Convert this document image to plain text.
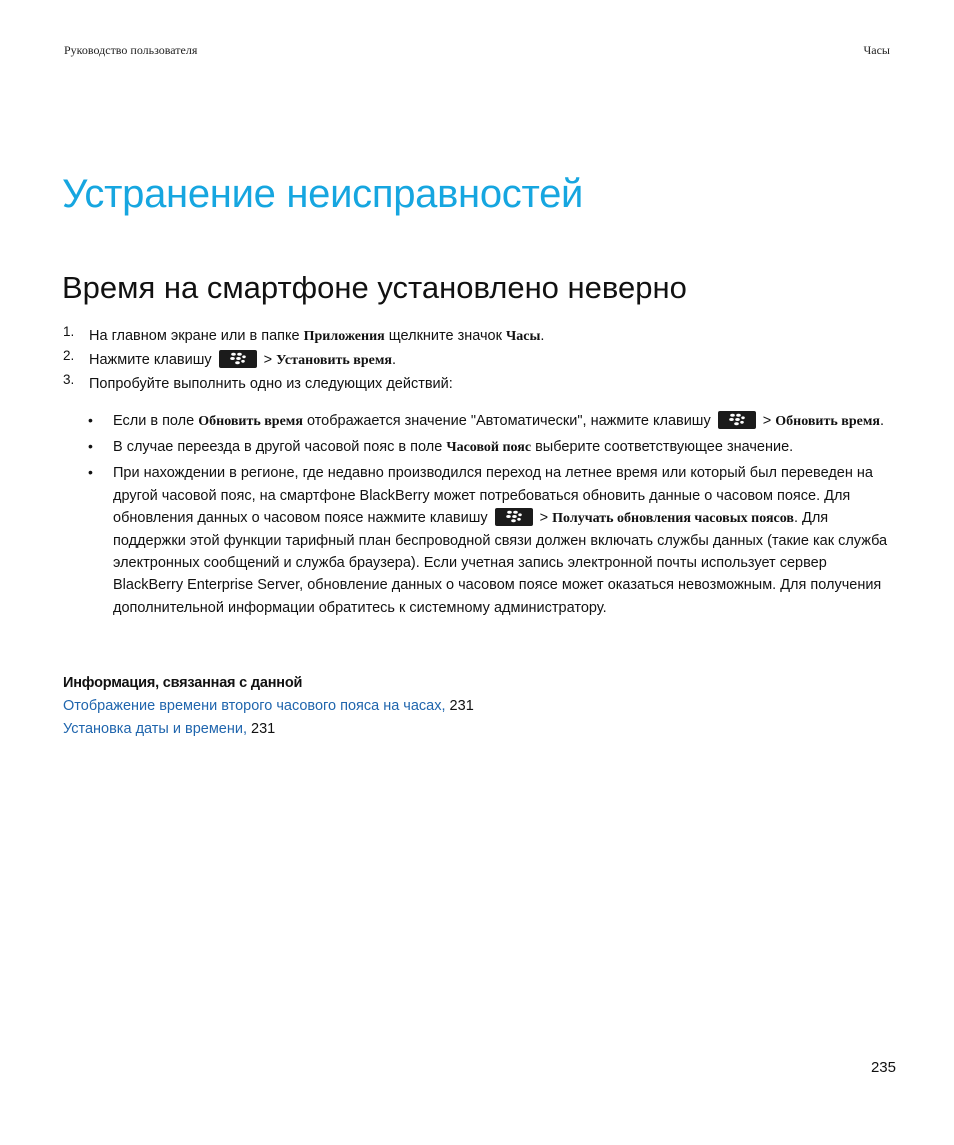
Руководство пользователя	Часы
Устранение неисправностей
Время на смартфоне установлено неверно
1. На главном экране или в папке Приложения щелкните значок Часы.
2. Нажмите клавишу	> Установить время.
3. Попробуйте выполнить одно из следующих действий:
• Если в поле Обновить время отображается значение "Автоматически", нажмите клавишу	> Обновить время.
• В случае переезда в другой часовой пояс в поле Часовой пояс выберите соответствующее значение.
• При нахождении в регионе, где недавно производился переход на летнее время или который был переведен на другой часовой пояс, на смартфоне BlackBerry может потребоваться обновить данные о часовом поясе. Для обновления данных о часовом поясе нажмите клавишу	> Получать обновления часовых поясов. Для поддержки этой функции тарифный план беспроводной связи должен включать службы данных (такие как служба электронных сообщений и служба браузера). Если учетная запись электронной почты использует сервер BlackBerry Enterprise Server, обновление данных о часовом поясе может оказаться невозможным. Для получения дополнительной информации обратитесь к системному администратору.
Информация, связанная с данной
Отображение времени второго часового пояса на часах, 231
Установка даты и времени, 231
235
